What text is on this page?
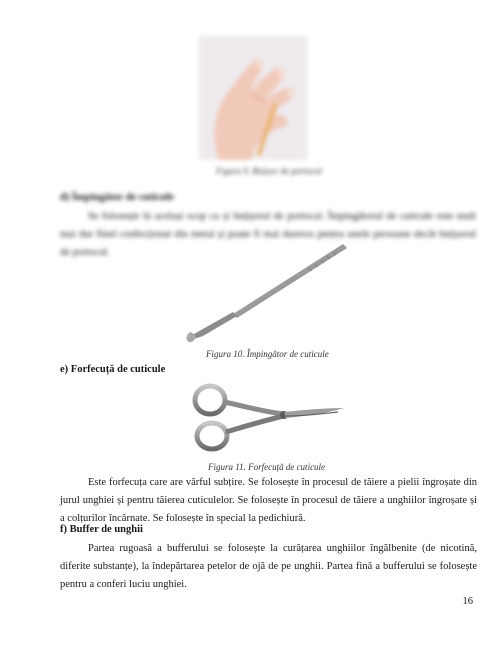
Figura 9. Bețișor de portocal
d) Împingător de cuticule
Se folosește în același scop ca și bețișorul de portocal. Împingătorul de cuticule este mult mai dur fiind confecționat din metal și poate fi mai dureros pentru unele persoane decât bețișorul de portocal.
Figura 10. Împingător de cuticule
e) Forfecuță de cuticule
Figura 11. Forfecuță de cuticule
Este forfecuța care are vârful subțire. Se folosește în procesul de tăiere a pielii îngroșate din jurul unghiei și pentru tăierea cuticulelor. Se folosește în procesul de tăiere a unghiilor îngroșate și a colțurilor încărnate. Se folosește în special la pedichiură.
f) Buffer de unghii
Partea rugoasă a bufferului se folosește la curățarea unghiilor îngălbenite (de nicotină, diferite substanțe), la îndepărtarea petelor de ojă de pe unghii. Partea fină a bufferului se folosește pentru a conferi luciu unghiei.
16
